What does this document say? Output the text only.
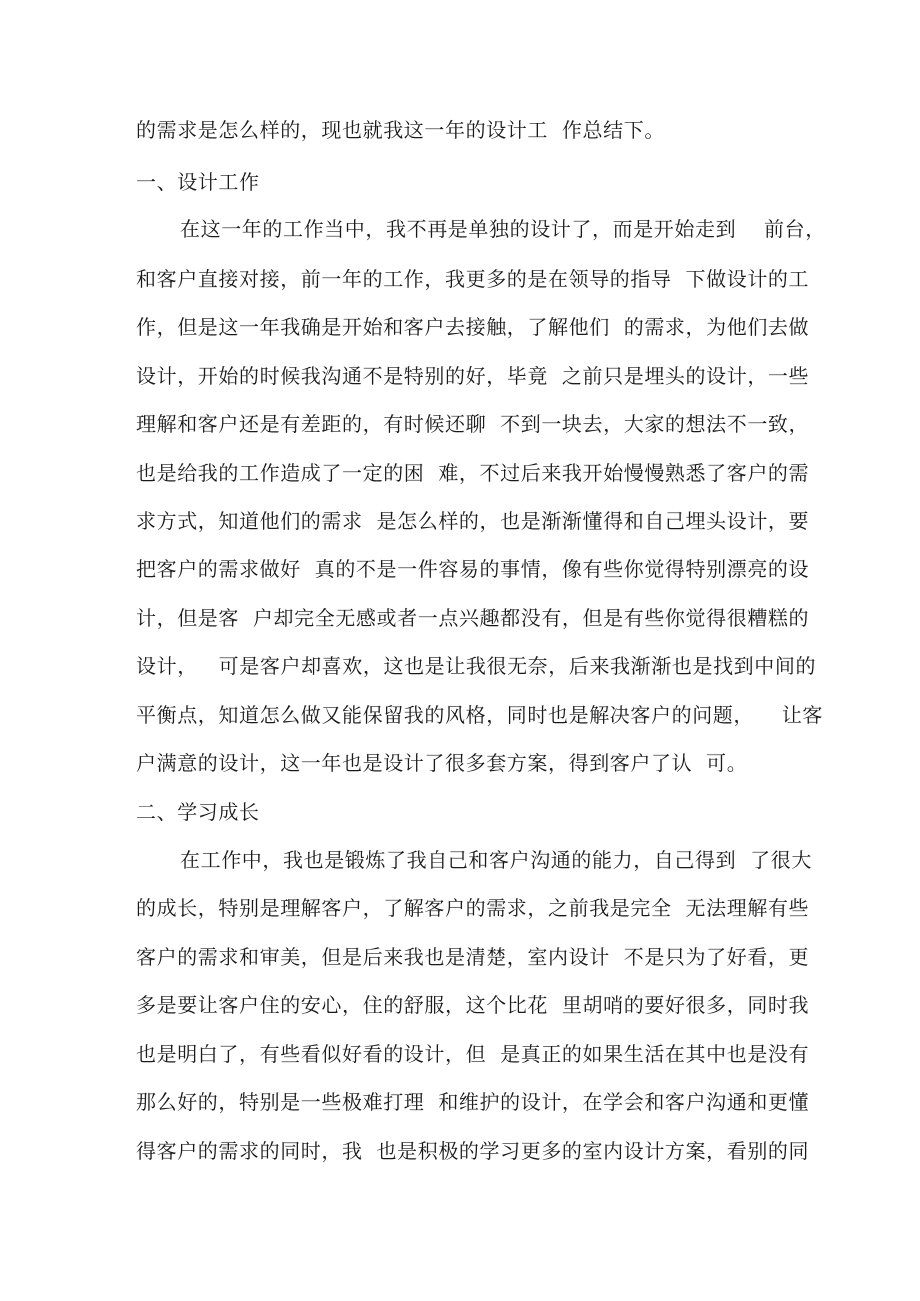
的需求是怎么样的，现也就我这一年的设计工  作总结下。
一、设计工作
在这一年的工作当中，我不再是单独的设计了，而是开始走到    前台，
和客户直接对接，前一年的工作，我更多的是在领导的指导  下做设计的工
作，但是这一年我确是开始和客户去接触，了解他们  的需求，为他们去做
设计，开始的时候我沟通不是特别的好，毕竟  之前只是埋头的设计，一些
理解和客户还是有差距的，有时候还聊  不到一块去，大家的想法不一致，
也是给我的工作造成了一定的困  难，不过后来我开始慢慢熟悉了客户的需
求方式，知道他们的需求  是怎么样的，也是渐渐懂得和自己埋头设计，要
把客户的需求做好  真的不是一件容易的事情，像有些你觉得特别漂亮的设
计，但是客  户却完全无感或者一点兴趣都没有，但是有些你觉得很糟糕的
设计，   可是客户却喜欢，这也是让我很无奈，后来我渐渐也是找到中间的
平衡点，知道怎么做又能保留我的风格，同时也是解决客户的问题，    让客
户满意的设计，这一年也是设计了很多套方案，得到客户了认  可。
二、学习成长
在工作中，我也是锻炼了我自己和客户沟通的能力，自己得到  了很大
的成长，特别是理解客户，了解客户的需求，之前我是完全  无法理解有些
客户的需求和审美，但是后来我也是清楚，室内设计  不是只为了好看，更
多是要让客户住的安心，住的舒服，这个比花  里胡哨的要好很多，同时我
也是明白了，有些看似好看的设计，但  是真正的如果生活在其中也是没有
那么好的，特别是一些极难打理  和维护的设计，在学会和客户沟通和更懂
得客户的需求的同时，我  也是积极的学习更多的室内设计方案，看别的同
